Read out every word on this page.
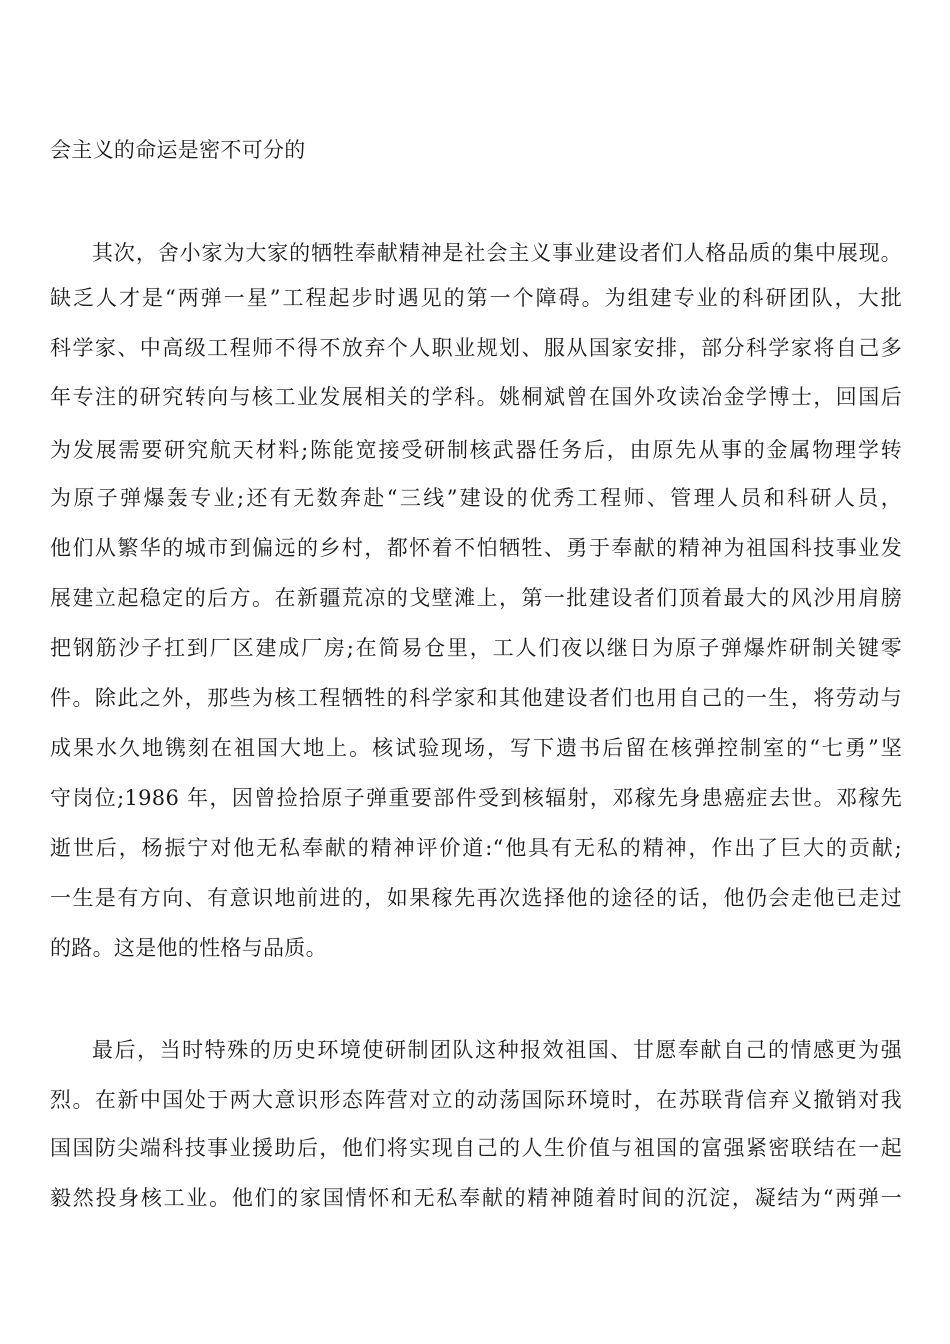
会主义的命运是密不可分的
其次，舍小家为大家的牺牲奉献精神是社会主义事业建设者们人格品质的集中展现。
缺乏人才是“两弹一星”工程起步时遇见的第一个障碍。为组建专业的科研团队，大批
科学家、中高级工程师不得不放弃个人职业规划、服从国家安排，部分科学家将自己多
年专注的研究转向与核工业发展相关的学科。姚桐斌曾在国外攻读冶金学博士，回国后
为发展需要研究航天材料;陈能宽接受研制核武器任务后，由原先从事的金属物理学转
为原子弹爆轰专业;还有无数奔赴“三线”建设的优秀工程师、管理人员和科研人员，
他们从繁华的城市到偏远的乡村，都怀着不怕牺牲、勇于奉献的精神为祖国科技事业发
展建立起稳定的后方。在新疆荒凉的戈壁滩上，第一批建设者们顶着最大的风沙用肩膀
把钢筋沙子扛到厂区建成厂房;在简易仓里，工人们夜以继日为原子弹爆炸研制关键零
件。除此之外，那些为核工程牺牲的科学家和其他建设者们也用自己的一生，将劳动与
成果水久地镌刻在祖国大地上。核试验现场，写下遗书后留在核弹控制室的“七勇”坚
守岗位;1986 年，因曾捡拾原子弹重要部件受到核辐射，邓稼先身患癌症去世。邓稼先
逝世后，杨振宁对他无私奉献的精神评价道:“他具有无私的精神，作出了巨大的贡献;
一生是有方向、有意识地前进的，如果稼先再次选择他的途径的话，他仍会走他已走过
的路。这是他的性格与品质。
最后，当时特殊的历史环境使研制团队这种报效祖国、甘愿奉献自己的情感更为强
烈。在新中国处于两大意识形态阵营对立的动荡国际环境时，在苏联背信弃义撤销对我
国国防尖端科技事业援助后，他们将实现自己的人生价值与祖国的富强紧密联结在一起
毅然投身核工业。他们的家国情怀和无私奉献的精神随着时间的沉淀，凝结为“两弹一
